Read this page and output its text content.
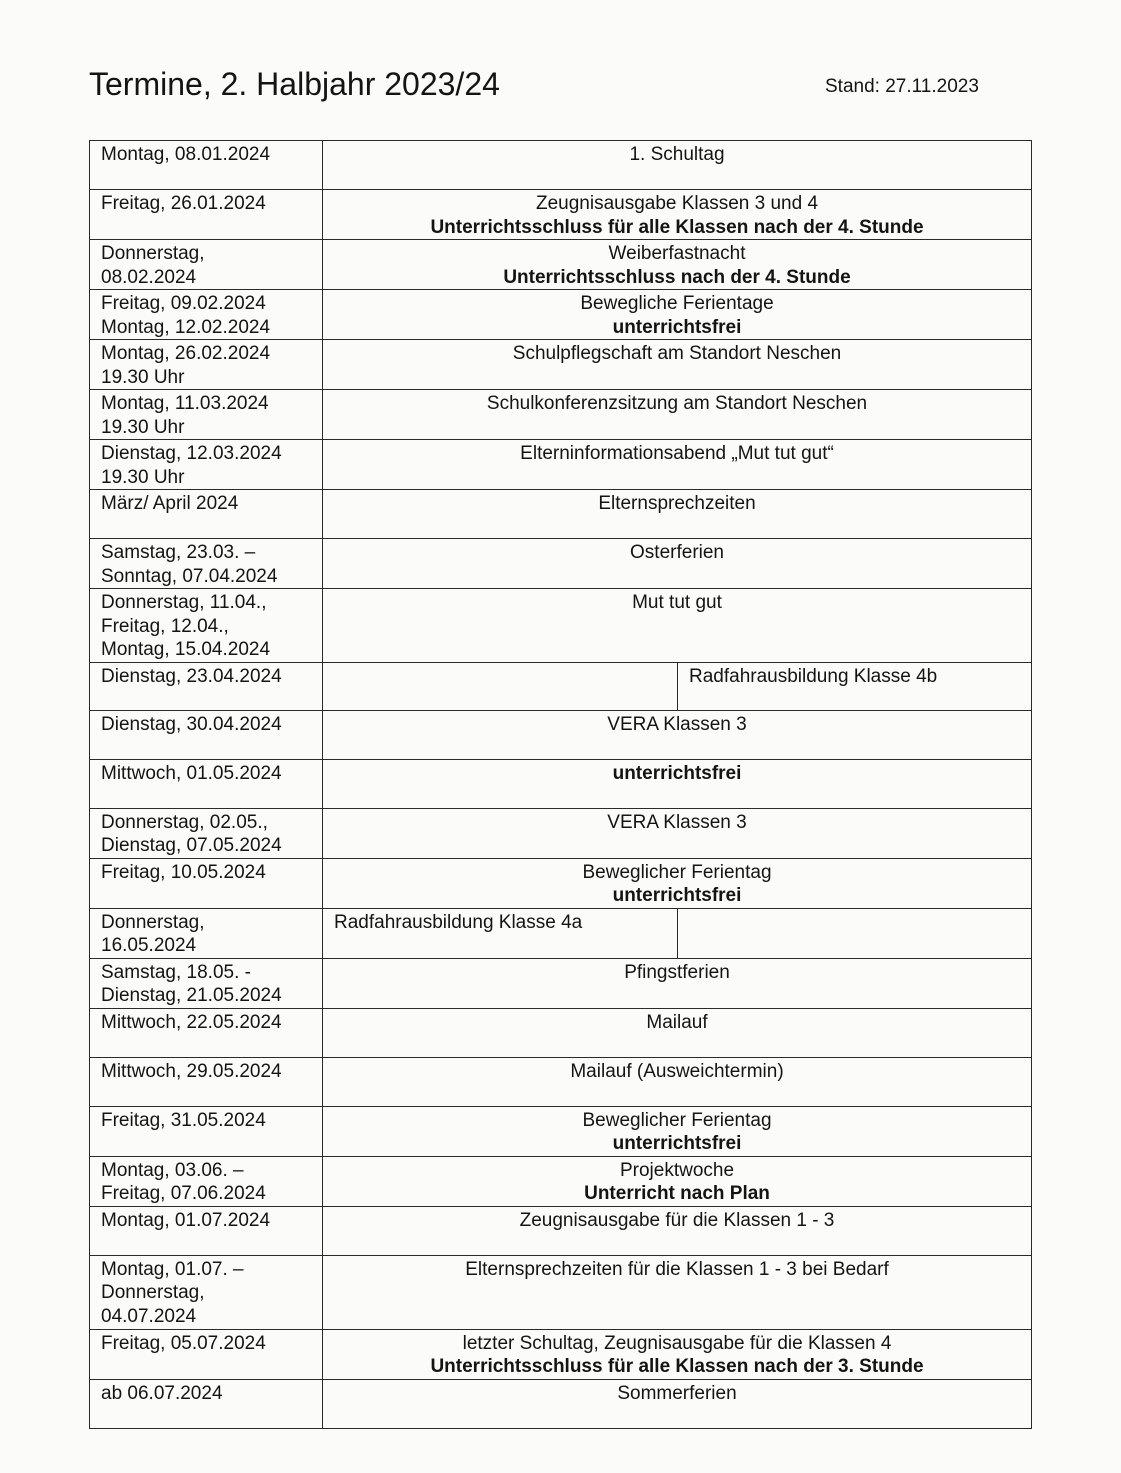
Termine, 2. Halbjahr 2023/24	Stand: 27.11.2023
Montag, 08.01.2024	1. Schultag	

Freitag, 26.01.2024	Zeugnisausgabe Klassen 3 und 4
Unterrichtsschluss für alle Klassen nach der 4. Stunde	

Donnerstag,
08.02.2024	Weiberfastnacht
Unterrichtsschluss nach der 4. Stunde	

Freitag, 09.02.2024
Montag, 12.02.2024	Bewegliche Ferientage
unterrichtsfrei	

Montag, 26.02.2024
19.30 Uhr	Schulpflegschaft am Standort Neschen	

Montag, 11.03.2024
19.30 Uhr	Schulkonferenzsitzung am Standort Neschen	

Dienstag, 12.03.2024
19.30 Uhr	Elterninformationsabend „Mut tut gut“	

März/ April 2024	Elternsprechzeiten	

Samstag, 23.03. –
Sonntag, 07.04.2024	Osterferien	

Donnerstag, 11.04.,
Freitag, 12.04.,
Montag, 15.04.2024	Mut tut gut	

Dienstag, 23.04.2024		Radfahrausbildung Klasse 4b
Dienstag, 30.04.2024	VERA Klassen 3	

Mittwoch, 01.05.2024	unterrichtsfrei	

Donnerstag, 02.05.,
Dienstag, 07.05.2024	VERA Klassen 3	

Freitag, 10.05.2024	Beweglicher Ferientag
unterrichtsfrei	

Donnerstag,
16.05.2024	Radfahrausbildung Klasse 4a	
Samstag, 18.05. -
Dienstag, 21.05.2024	Pfingstferien	

Mittwoch, 22.05.2024	Mailauf	

Mittwoch, 29.05.2024	Mailauf (Ausweichtermin)	

Freitag, 31.05.2024	Beweglicher Ferientag
unterrichtsfrei	

Montag, 03.06. –
Freitag, 07.06.2024	Projektwoche
Unterricht nach Plan	

Montag, 01.07.2024	Zeugnisausgabe für die Klassen 1 - 3	

Montag, 01.07. –
Donnerstag,
04.07.2024	Elternsprechzeiten für die Klassen 1 - 3 bei Bedarf	

Freitag, 05.07.2024	letzter Schultag, Zeugnisausgabe für die Klassen 4
Unterrichtsschluss für alle Klassen nach der 3. Stunde	

ab 06.07.2024	Sommerferien	
